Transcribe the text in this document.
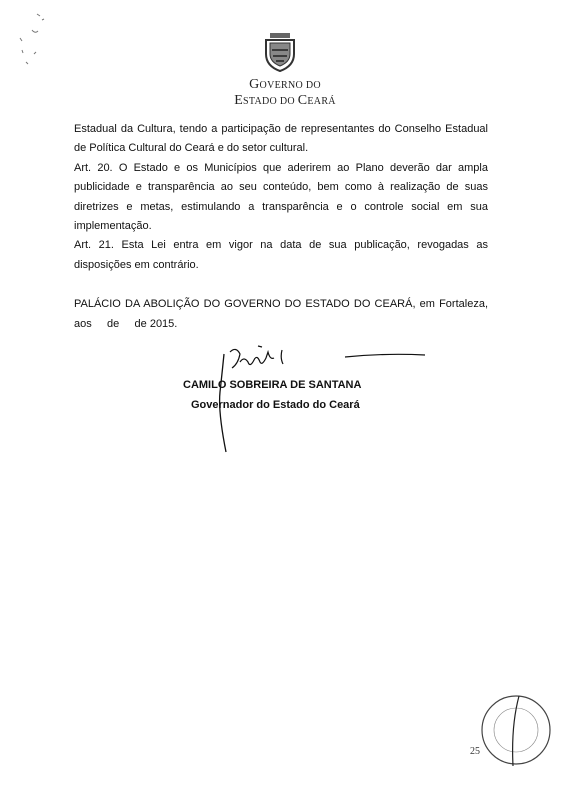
GOVERNO DO
ESTADO DO CEARÁ

Estadual da Cultura, tendo a participação de representantes do Conselho Estadual de Política Cultural do Ceará e do setor cultural.

Art. 20. O Estado e os Municípios que aderirem ao Plano deverão dar ampla publicidade e transparência ao seu conteúdo, bem como à realização de suas diretrizes e metas, estimulando a transparência e o controle social em sua implementação.

Art. 21. Esta Lei entra em vigor na data de sua publicação, revogadas as disposições em contrário.

PALÁCIO DA ABOLIÇÃO DO GOVERNO DO ESTADO DO CEARÁ, em Fortaleza, aos     de     de 2015.

CAMILO SOBREIRA DE SANTANA
Governador do Estado do Ceará
25
